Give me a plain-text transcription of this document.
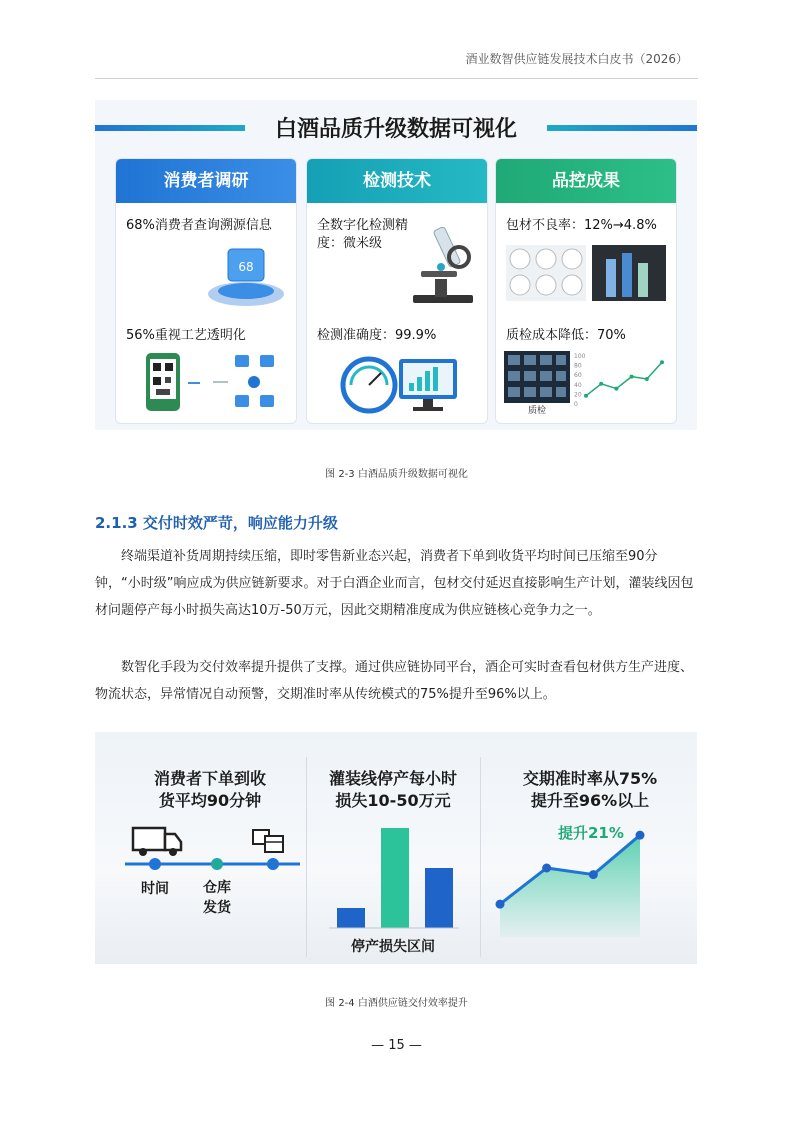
酒业数智供应链发展技术白皮书（2026）
白酒品质升级数据可视化
消费者调研
68%消费者查询溯源信息
68
56%重视工艺透明化
检测技术
全数字化检测精度：微米级
检测准确度：99.9%
品控成果
包材不良率：12%→4.8%
质检成本降低：70%
质检
100
80
60
40
20
0
图 2-3 白酒品质升级数据可视化
2.1.3 交付时效严苛，响应能力升级
终端渠道补货周期持续压缩，即时零售新业态兴起，消费者下单到收货平均时间已压缩至90分钟，“小时级”响应成为供应链新要求。对于白酒企业而言，包材交付延迟直接影响生产计划，灌装线因包材问题停产每小时损失高达10万-50万元，因此交期精准度成为供应链核心竞争力之一。
数智化手段为交付效率提升提供了支撑。通过供应链协同平台，酒企可实时查看包材供方生产进度、物流状态，异常情况自动预警，交期准时率从传统模式的75%提升至96%以上。
消费者下单到收
货平均90分钟
时间 仓库
发货
灌装线停产每小时
损失10-50万元
停产损失区间
交期准时率从75%
提升至96%以上
提升21%
图 2-4 白酒供应链交付效率提升
— 15 —
